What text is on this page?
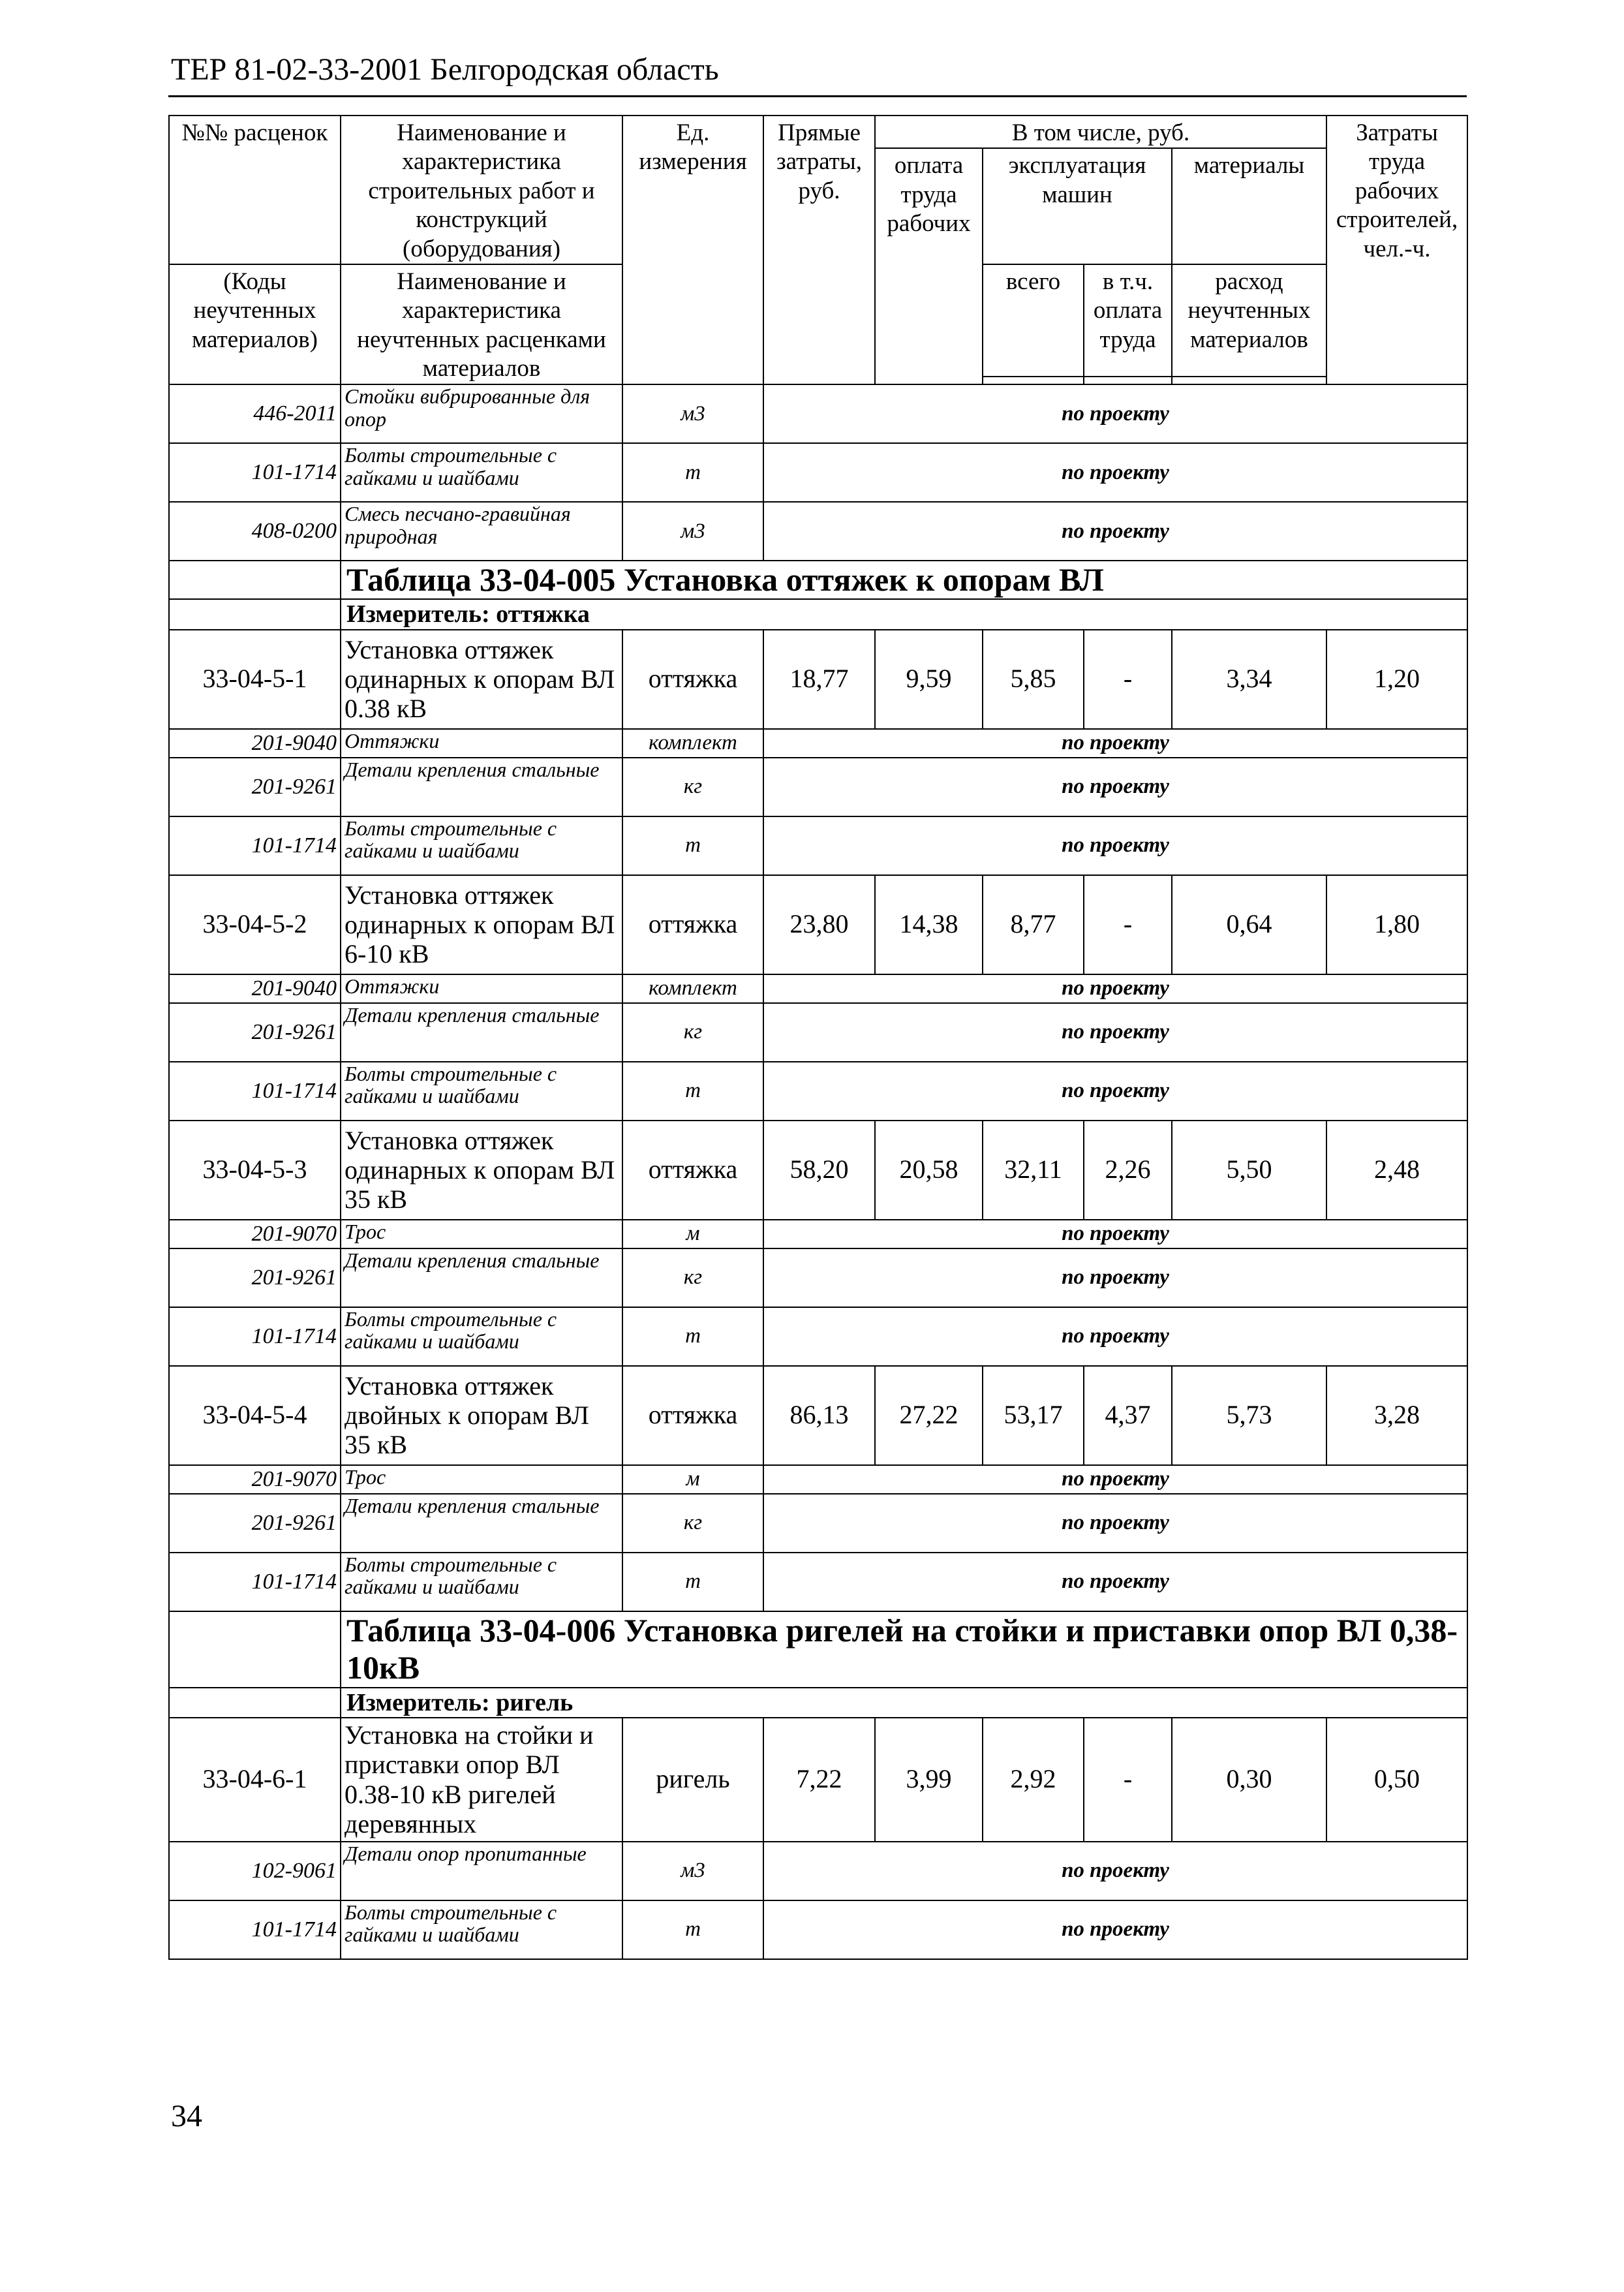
ТЕР 81-02-33-2001 Белгородская область
№№ расценок	Наименование и характеристика строительных работ и конструкций (оборудования)	Ед. измерения	Прямые затраты, руб.	В том числе, руб.				Затраты труда рабочих строителей, чел.-ч.
				оплата труда рабочих	эксплуатация машин		материалы	
(Коды неучтенных материалов)	Наименование и характеристика неучтенных расценками материалов				всего	в т.ч. оплата труда	расход неучтенных материалов	

446-2011	Стойки вибрированные для опор	м3	по проекту					
101-1714	Болты строительные с гайками и шайбами	т	по проекту					
408-0200	Смесь песчано-гравийная природная	м3	по проекту					
	Таблица 33-04-005 Установка оттяжек к опорам ВЛ							
	Измеритель: оттяжка							
33-04-5-1	Установка оттяжек одинарных к опорам ВЛ 0.38 кВ	оттяжка	18,77	9,59	5,85	-	3,34	1,20
201-9040	Оттяжки	комплект	по проекту					
201-9261	Детали крепления стальные	кг	по проекту					
101-1714	Болты строительные с гайками и шайбами	т	по проекту					
33-04-5-2	Установка оттяжек одинарных к опорам ВЛ 6-10 кВ	оттяжка	23,80	14,38	8,77	-	0,64	1,80
201-9040	Оттяжки	комплект	по проекту					
201-9261	Детали крепления стальные	кг	по проекту					
101-1714	Болты строительные с гайками и шайбами	т	по проекту					
33-04-5-3	Установка оттяжек одинарных к опорам ВЛ 35 кВ	оттяжка	58,20	20,58	32,11	2,26	5,50	2,48
201-9070	Трос	м	по проекту					
201-9261	Детали крепления стальные	кг	по проекту					
101-1714	Болты строительные с гайками и шайбами	т	по проекту					
33-04-5-4	Установка оттяжек двойных к опорам ВЛ 35 кВ	оттяжка	86,13	27,22	53,17	4,37	5,73	3,28
201-9070	Трос	м	по проекту					
201-9261	Детали крепления стальные	кг	по проекту					
101-1714	Болты строительные с гайками и шайбами	т	по проекту					
	Таблица 33-04-006 Установка ригелей на стойки и приставки опор ВЛ 0,38-10кВ							
	Измеритель: ригель							
33-04-6-1	Установка на стойки и приставки опор ВЛ 0.38-10 кВ ригелей деревянных	ригель	7,22	3,99	2,92	-	0,30	0,50
102-9061	Детали опор пропитанные	м3	по проекту					
101-1714	Болты строительные с гайками и шайбами	т	по проекту					
34
